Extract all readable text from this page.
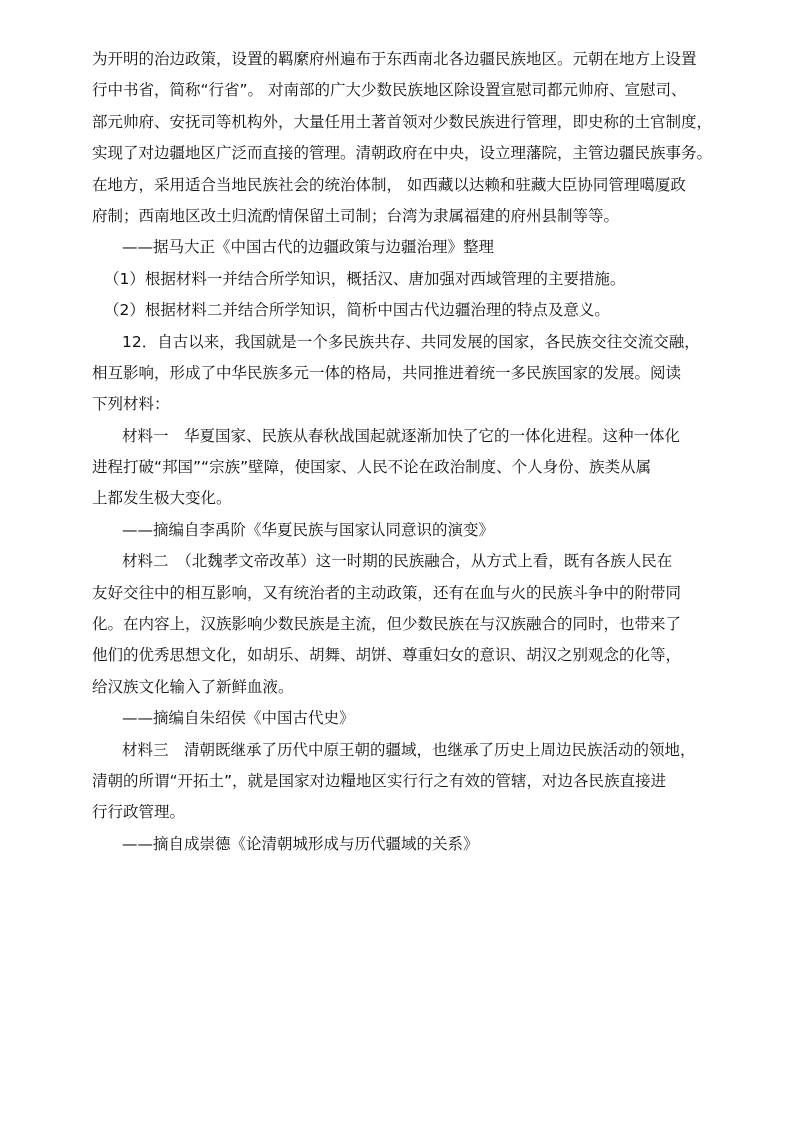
为开明的治边政策，设置的羁縻府州遍布于东西南北各边疆民族地区。元朝在地方上设置
行中书省，简称“行省”。 对南部的广大少数民族地区除设置宣慰司都元帅府、宣慰司、
部元帅府、安抚司等机构外，大量任用土著首领对少数民族进行管理，即史称的土官制度，
实现了对边疆地区广泛而直接的管理。清朝政府在中央，设立理藩院，主管边疆民族事务。
在地方，采用适合当地民族社会的统治体制， 如西藏以达赖和驻藏大臣协同管理噶厦政
府制；西南地区改土归流酌情保留土司制；台湾为隶属福建的府州县制等等。
——据马大正《中国古代的边疆政策与边疆治理》整理
（1）根据材料一并结合所学知识，概括汉、唐加强对西域管理的主要措施。
（2）根据材料二并结合所学知识，简析中国古代边疆治理的特点及意义。
12．自古以来，我国就是一个多民族共存、共同发展的国家，各民族交往交流交融，
相互影响，形成了中华民族多元一体的格局，共同推进着统一多民族国家的发展。阅读
下列材料：
材料一　华夏国家、民族从春秋战国起就逐渐加快了它的一体化进程。这种一体化
进程打破“邦国”“宗族”壁障，使国家、人民不论在政治制度、个人身份、族类从属
上都发生极大变化。
——摘编自李禹阶《华夏民族与国家认同意识的演变》
材料二　（北魏孝文帝改革）这一时期的民族融合，从方式上看，既有各族人民在
友好交往中的相互影响，又有统治者的主动政策，还有在血与火的民族斗争中的附带同
化。在内容上，汉族影响少数民族是主流，但少数民族在与汉族融合的同时，也带来了
他们的优秀思想文化，如胡乐、胡舞、胡饼、尊重妇女的意识、胡汉之别观念的化等，
给汉族文化输入了新鲜血液。
——摘编自朱绍侯《中国古代史》
材料三　清朝既继承了历代中原王朝的疆域，也继承了历史上周边民族活动的领地，
清朝的所谓“开拓土”，就是国家对边糧地区实行行之有效的管辖，对边各民族直接进
行行政管理。
——摘自成崇德《论清朝城形成与历代疆域的关系》
